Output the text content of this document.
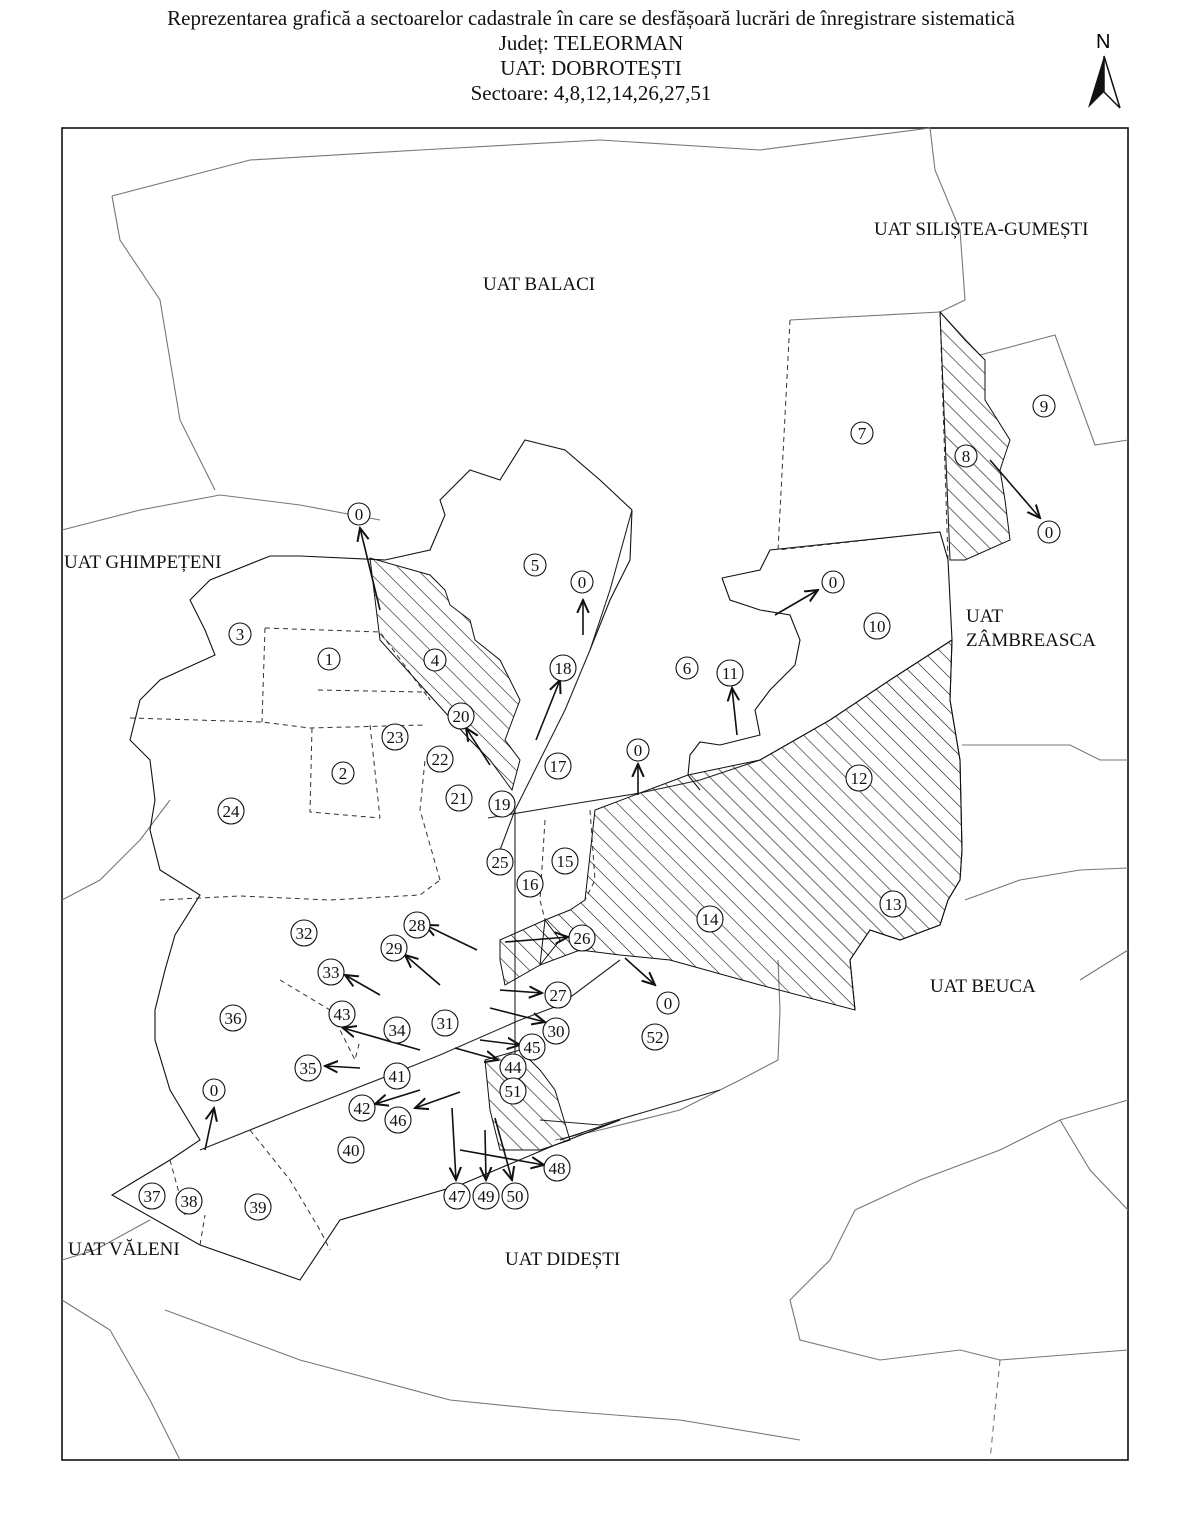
Reprezentarea grafică a sectoarelor cadastrale în care se desfășoară lucrări de înregistrare sistematică
Județ: TELEORMAN
UAT: DOBROTEȘTI
Sectoare: 4,8,12,14,26,27,51
N
UAT BALACI
UAT SILIȘTEA-GUMEȘTI
UAT GHIMPEȚENI
UAT
ZÂMBREASCA
UAT BEUCA
UAT VĂLENI	UAT DIDEȘTI
0
0	0
0
0
0
0
1
2
3
4
5
6
7
8
9
10
11
12
13
14
15
16
17
18
19
20
21
22
23
24
25
26
27
28
29
30
31
32
33
34
35
36
37 38	39
40
41
42
43
44
45
46
47
48
49 50
51
52
